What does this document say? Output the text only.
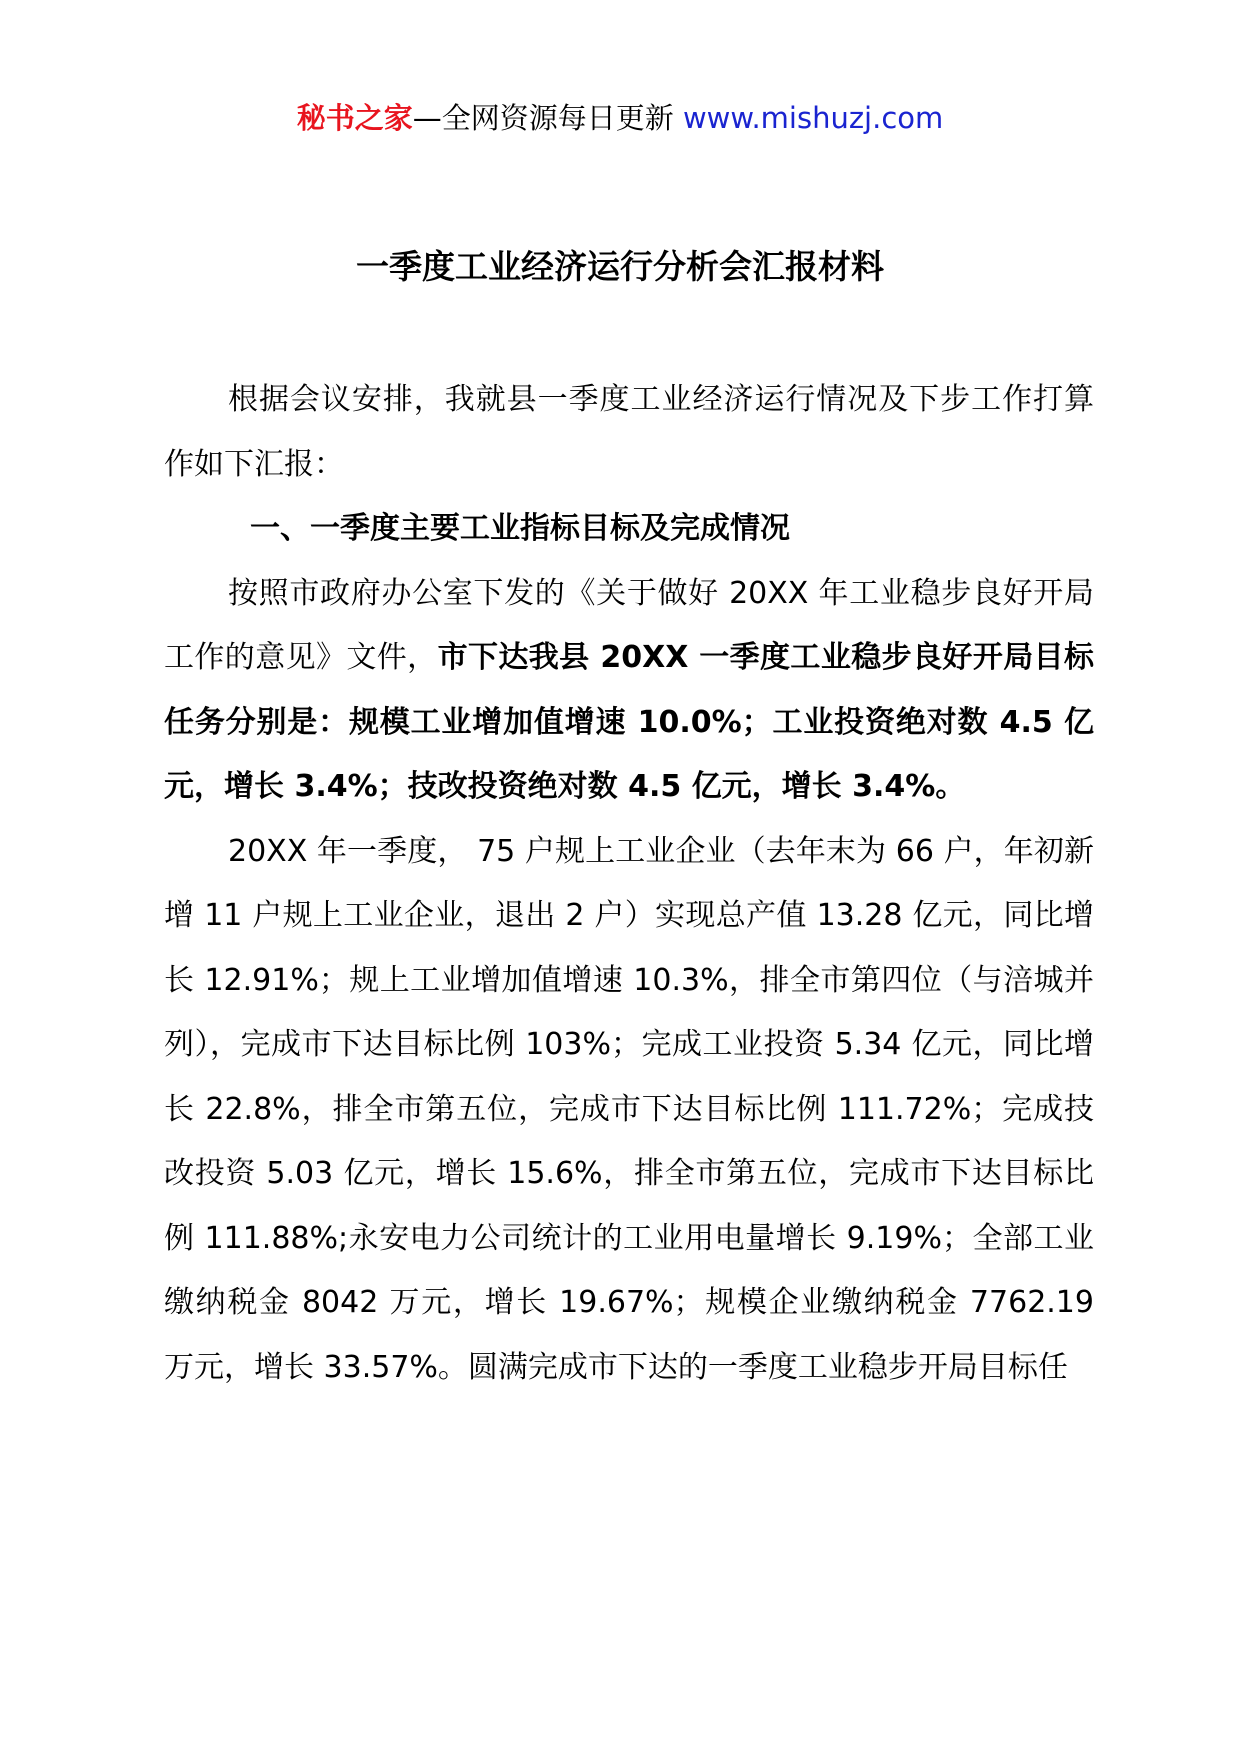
秘书之家—全网资源每日更新 www.mishuzj.com
一季度工业经济运行分析会汇报材料

根据会议安排，我就县一季度工业经济运行情况及下步工作打算作如下汇报：

一、一季度主要工业指标目标及完成情况

按照市政府办公室下发的《关于做好 20XX 年工业稳步良好开局工作的意见》文件，市下达我县 20XX 一季度工业稳步良好开局目标任务分别是：规模工业增加值增速 10.0%；工业投资绝对数 4.5 亿元，增长 3.4%；技改投资绝对数 4.5 亿元，增长 3.4%。

20XX 年一季度， 75 户规上工业企业（去年末为 66 户，年初新增 11 户规上工业企业，退出 2 户）实现总产值 13.28 亿元，同比增长 12.91%；规上工业增加值增速 10.3%，排全市第四位（与涪城并列），完成市下达目标比例 103%；完成工业投资 5.34 亿元，同比增长 22.8%，排全市第五位，完成市下达目标比例 111.72%；完成技改投资 5.03 亿元，增长 15.6%，排全市第五位，完成市下达目标比例 111.88%;永安电力公司统计的工业用电量增长 9.19%；全部工业缴纳税金 8042 万元，增长 19.67%；规模企业缴纳税金 7762.19 万元，增长 33.57%。圆满完成市下达的一季度工业稳步开局目标任
